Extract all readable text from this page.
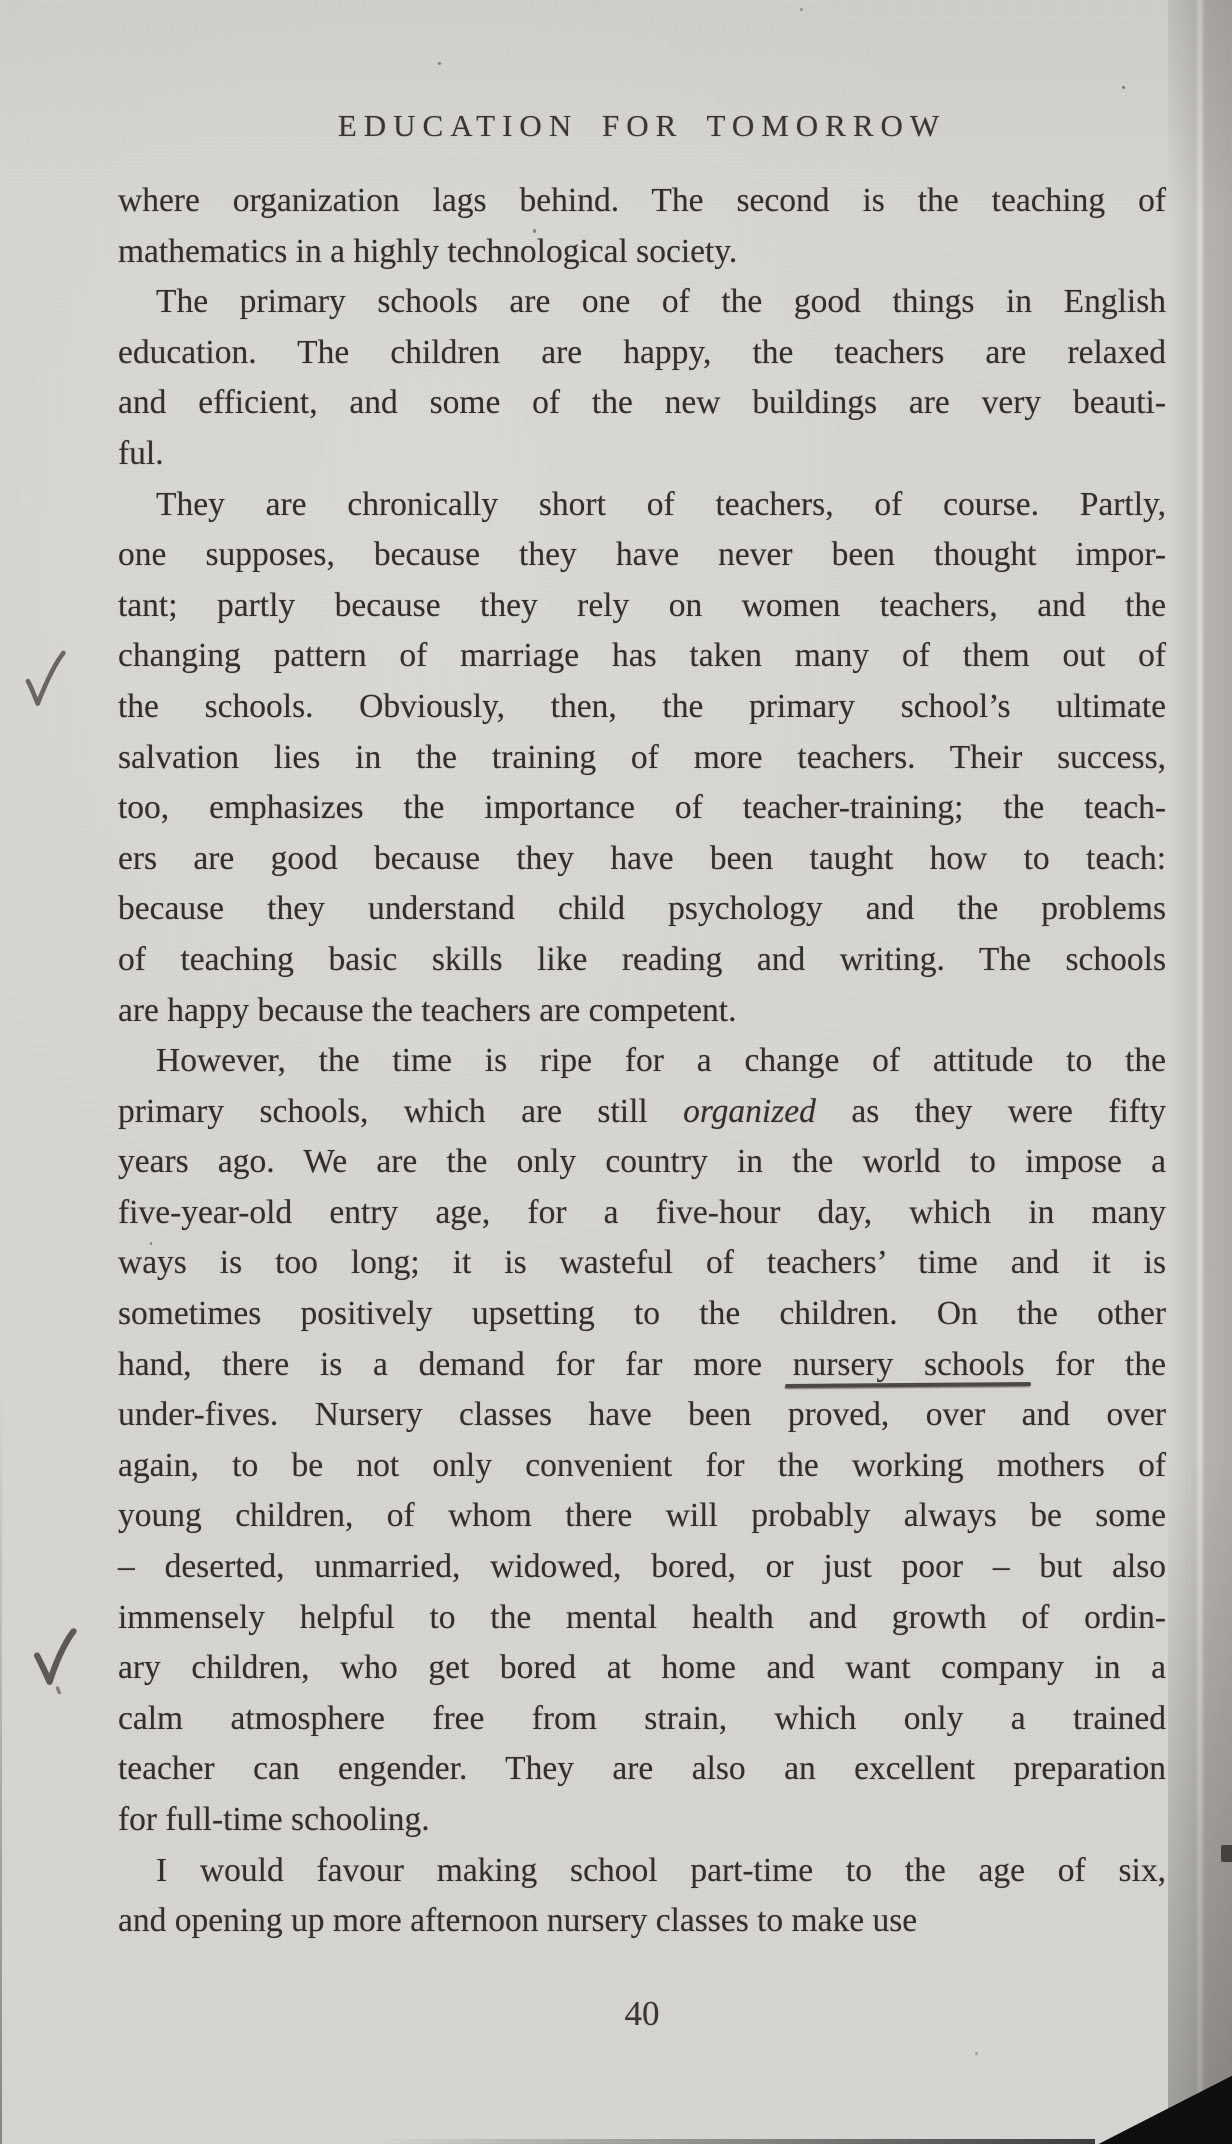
EDUCATION FOR TOMORROW
where organization lags behind. The second is the teaching of
mathematics in a highly technological society.
The primary schools are one of the good things in English
education. The children are happy, the teachers are relaxed
and efficient, and some of the new buildings are very beauti-
ful.
They are chronically short of teachers, of course. Partly,
one supposes, because they have never been thought impor-
tant; partly because they rely on women teachers, and the
changing pattern of marriage has taken many of them out of
the schools. Obviously, then, the primary school’s ultimate
salvation lies in the training of more teachers. Their success,
too, emphasizes the importance of teacher-training; the teach-
ers are good because they have been taught how to teach:
because they understand child psychology and the problems
of teaching basic skills like reading and writing. The schools
are happy because the teachers are competent.
However, the time is ripe for a change of attitude to the
primary schools, which are still organized as they were fifty
years ago. We are the only country in the world to impose a
five-year-old entry age, for a five-hour day, which in many
ways is too long; it is wasteful of teachers’ time and it is
sometimes positively upsetting to the children. On the other
hand, there is a demand for far more nursery schools for the
under-fives. Nursery classes have been proved, over and over
again, to be not only convenient for the working mothers of
young children, of whom there will probably always be some
– deserted, unmarried, widowed, bored, or just poor – but also
immensely helpful to the mental health and growth of ordin-
ary children, who get bored at home and want company in a
calm atmosphere free from strain, which only a trained
teacher can engender. They are also an excellent preparation
for full-time schooling.
I would favour making school part-time to the age of six,
and opening up more afternoon nursery classes to make use
40
